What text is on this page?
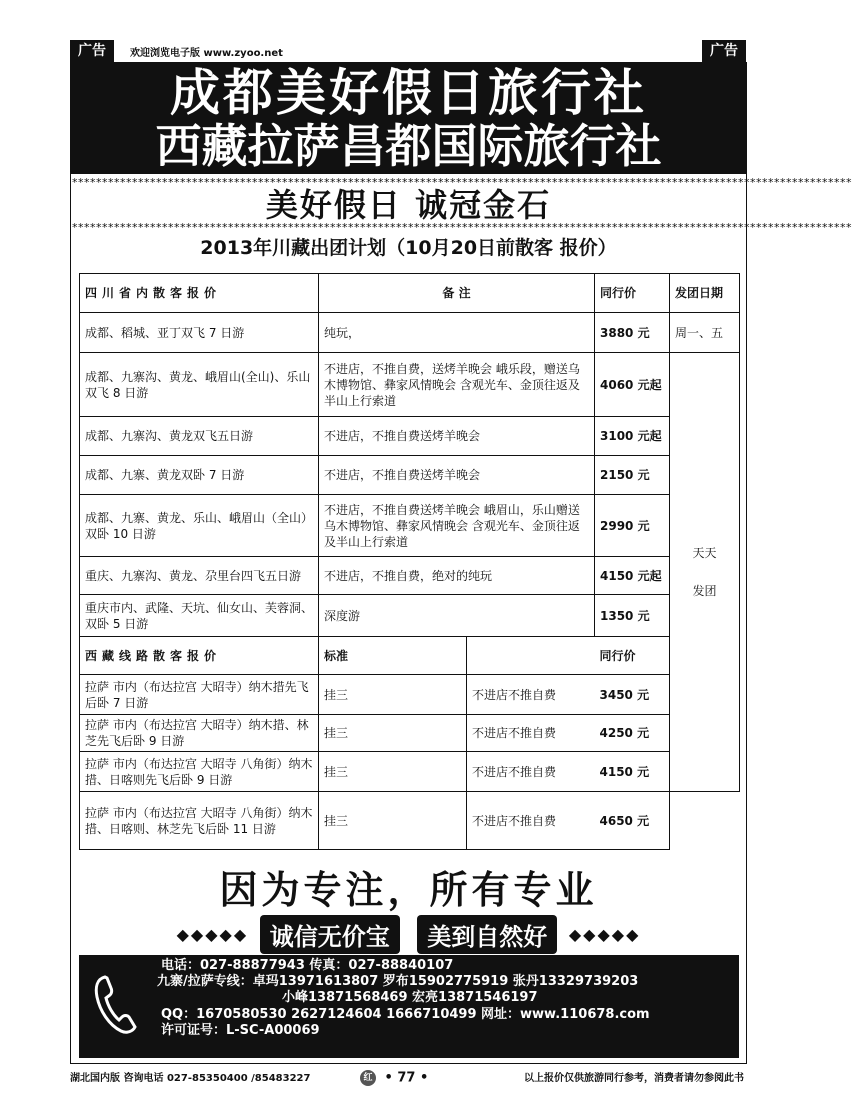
广告	欢迎浏览电子版 www.zyoo.net	广告
成都美好假日旅行社
西藏拉萨昌都国际旅行社
**********************************************************************************************************************************
美好假日 诚冠金石
**********************************************************************************************************************************
2013年川藏出团计划（10月20日前散客 报价）
四川省内散客报价	备 注		同行价	发团日期
成都、稻城、亚丁双飞 7 日游	纯玩，		3880 元	周一、五
成都、九寨沟、黄龙、峨眉山(全山)、乐山双飞 8 日游	不进店，不推自费，送烤羊晚会 峨乐段，赠送乌木博物馆、彝家风情晚会 含观光车、金顶往返及半山上行索道		4060 元起	天天发团
成都、九寨沟、黄龙双飞五日游	不进店，不推自费送烤羊晚会		3100 元起	
成都、九寨、黄龙双卧 7 日游	不进店，不推自费送烤羊晚会		2150 元	
成都、九寨、黄龙、乐山、峨眉山（全山）双卧 10 日游	不进店，不推自费送烤羊晚会 峨眉山，乐山赠送乌木博物馆、彝家风情晚会 含观光车、金顶往返及半山上行索道		2990 元	
重庆、九寨沟、黄龙、尕里台四飞五日游	不进店，不推自费，绝对的纯玩		4150 元起	
重庆市内、武隆、天坑、仙女山、芙蓉洞、双卧 5 日游	深度游		1350 元	
西藏线路散客报价	标准		同行价	
拉萨 市内（布达拉宫 大昭寺）纳木措先飞后卧 7 日游	挂三	不进店不推自费	3450 元	
拉萨 市内（布达拉宫 大昭寺）纳木措、林芝先飞后卧 9 日游	挂三	不进店不推自费	4250 元	
拉萨 市内（布达拉宫 大昭寺 八角街）纳木措、日喀则先飞后卧 9 日游	挂三	不进店不推自费	4150 元	
拉萨 市内（布达拉宫 大昭寺 八角街）纳木措、日喀则、林芝先飞后卧 11 日游	挂三	不进店不推自费	4650 元	
因为专注，所有专业
◆◆◆◆◆ 诚信无价宝 美到自然好 ◆◆◆◆◆
电话：027-88877943 传真：027-88840107
九寨/拉萨专线：卓玛13971613807 罗布15902775919 张丹13329739203
小峰13871568469 宏亮13871546197
QQ：1670580530 2627124604 1666710499 网址：www.110678.com
许可证号：L-SC-A00069
湖北国内版 咨询电话 027-85350400 /85483227	红 • 77 •	以上报价仅供旅游同行参考，消费者请勿参阅此书
